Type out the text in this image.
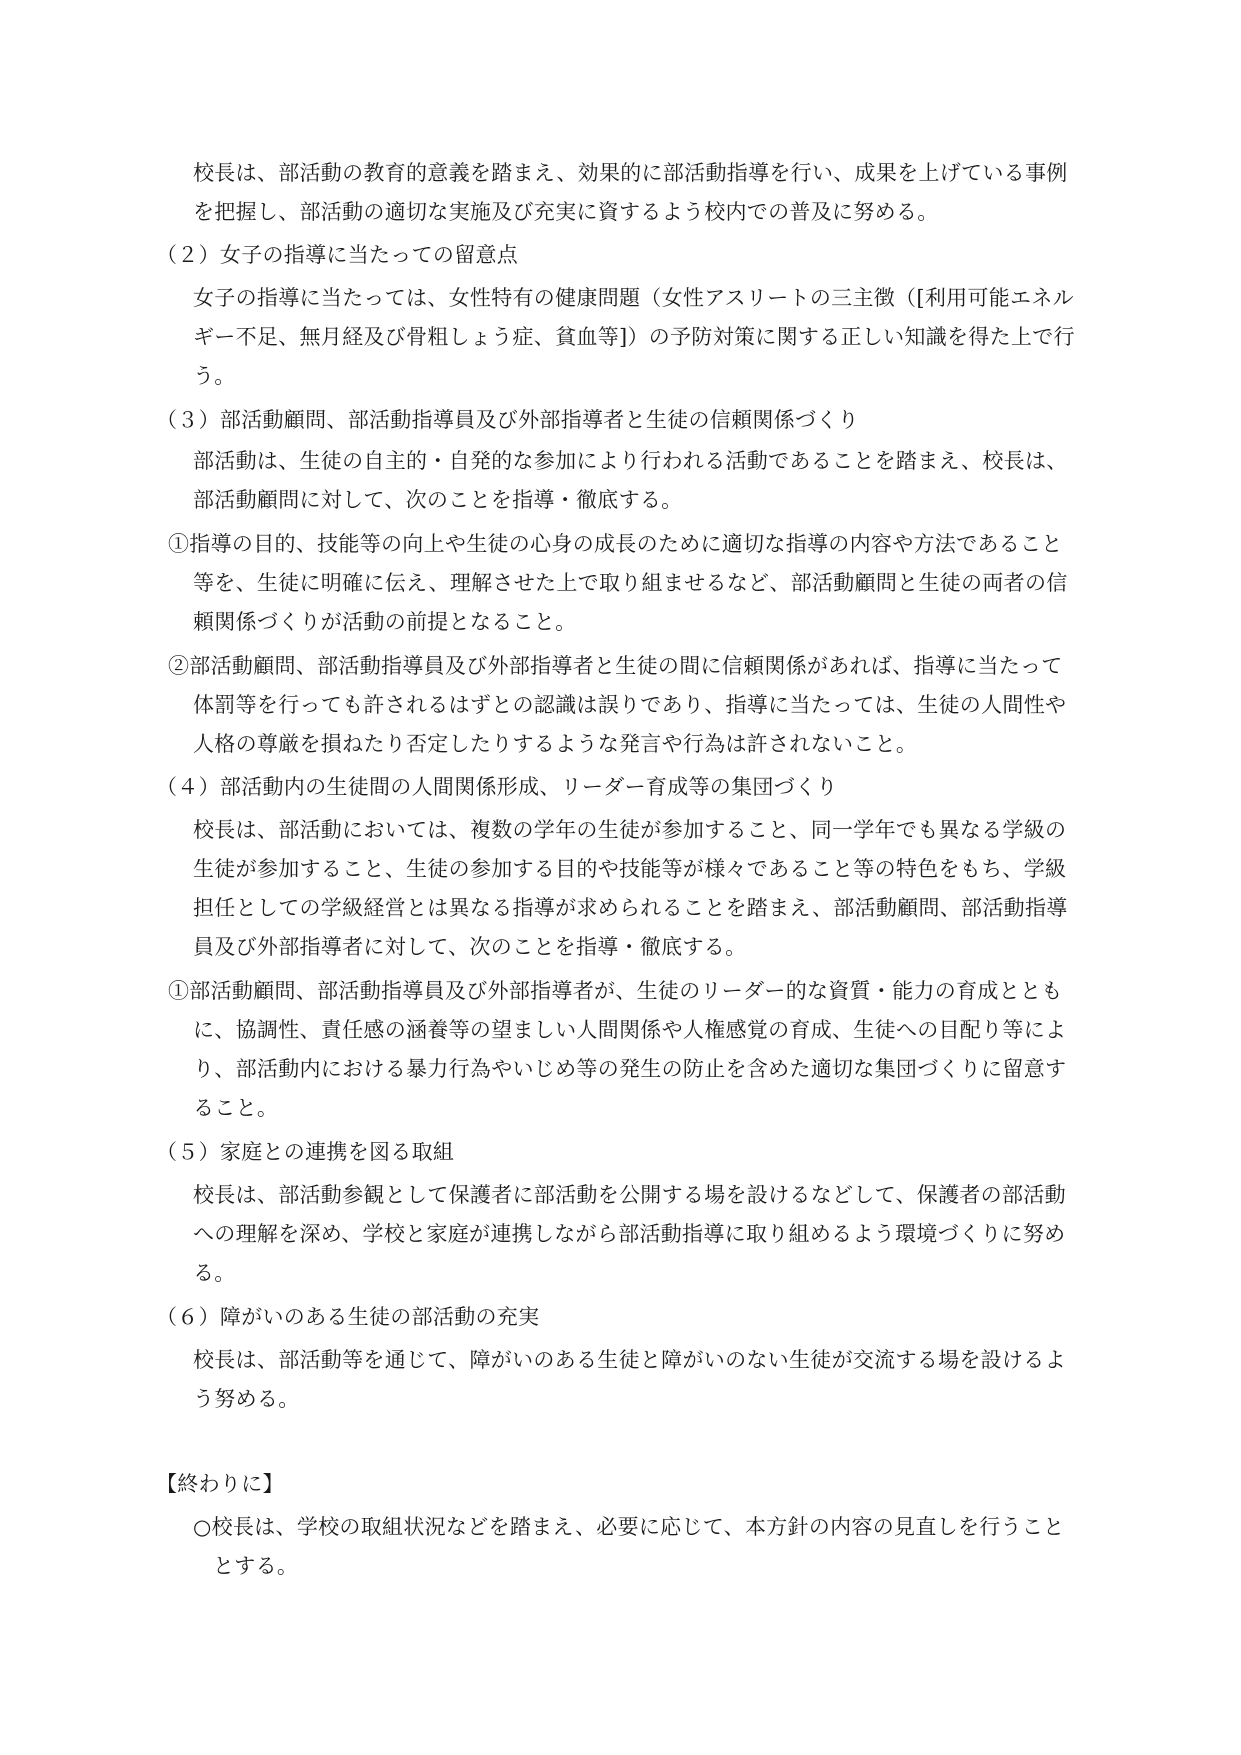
校長は、部活動の教育的意義を踏まえ、効果的に部活動指導を行い、成果を上げている事例
を把握し、部活動の適切な実施及び充実に資するよう校内での普及に努める。
（２）女子の指導に当たっての留意点
女子の指導に当たっては、女性特有の健康問題（女性アスリートの三主徴（[利用可能エネル
ギー不足、無月経及び骨粗しょう症、貧血等]）の予防対策に関する正しい知識を得た上で行
う。
（３）部活動顧問、部活動指導員及び外部指導者と生徒の信頼関係づくり
部活動は、生徒の自主的・自発的な参加により行われる活動であることを踏まえ、校長は、
部活動顧問に対して、次のことを指導・徹底する。
①指導の目的、技能等の向上や生徒の心身の成長のために適切な指導の内容や方法であること
等を、生徒に明確に伝え、理解させた上で取り組ませるなど、部活動顧問と生徒の両者の信
頼関係づくりが活動の前提となること。
②部活動顧問、部活動指導員及び外部指導者と生徒の間に信頼関係があれば、指導に当たって
体罰等を行っても許されるはずとの認識は誤りであり、指導に当たっては、生徒の人間性や
人格の尊厳を損ねたり否定したりするような発言や行為は許されないこと。
（４）部活動内の生徒間の人間関係形成、リーダー育成等の集団づくり
校長は、部活動においては、複数の学年の生徒が参加すること、同一学年でも異なる学級の
生徒が参加すること、生徒の参加する目的や技能等が様々であること等の特色をもち、学級
担任としての学級経営とは異なる指導が求められることを踏まえ、部活動顧問、部活動指導
員及び外部指導者に対して、次のことを指導・徹底する。
①部活動顧問、部活動指導員及び外部指導者が、生徒のリーダー的な資質・能力の育成ととも
に、協調性、責任感の涵養等の望ましい人間関係や人権感覚の育成、生徒への目配り等によ
り、部活動内における暴力行為やいじめ等の発生の防止を含めた適切な集団づくりに留意す
ること。
（５）家庭との連携を図る取組
校長は、部活動参観として保護者に部活動を公開する場を設けるなどして、保護者の部活動
への理解を深め、学校と家庭が連携しながら部活動指導に取り組めるよう環境づくりに努め
る。
（６）障がいのある生徒の部活動の充実
校長は、部活動等を通じて、障がいのある生徒と障がいのない生徒が交流する場を設けるよ
う努める。
【終わりに】
○校長は、学校の取組状況などを踏まえ、必要に応じて、本方針の内容の見直しを行うこと
とする。
